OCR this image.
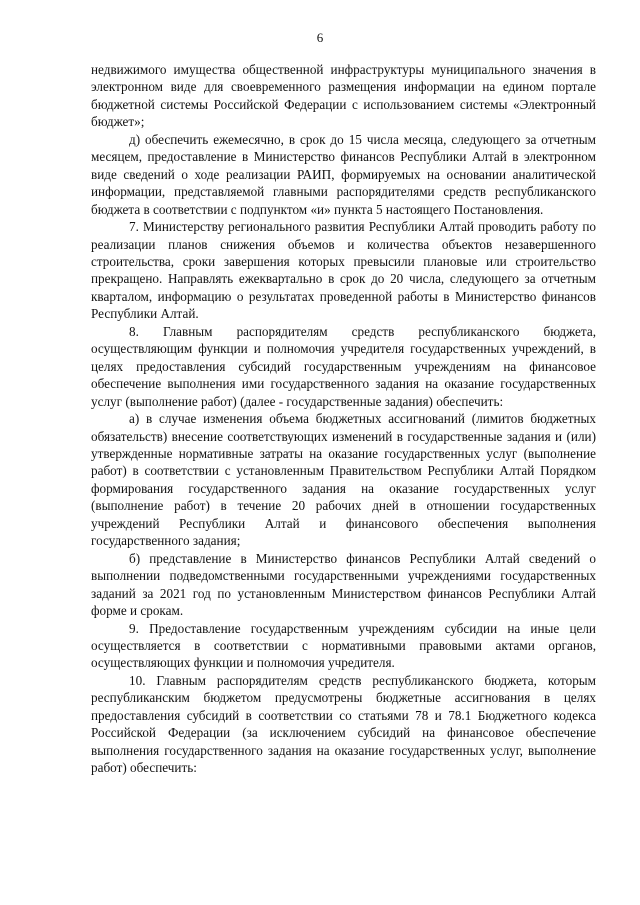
6

недвижимого имущества общественной инфраструктуры муниципального значения в электронном виде для своевременного размещения информации на едином портале бюджетной системы Российской Федерации с использованием системы «Электронный бюджет»;

д) обеспечить ежемесячно, в срок до 15 числа месяца, следующего за отчетным месяцем, предоставление в Министерство финансов Республики Алтай в электронном виде сведений о ходе реализации РАИП, формируемых на основании аналитической информации, представляемой главными распорядителями средств республиканского бюджета в соответствии с подпунктом «и» пункта 5 настоящего Постановления.

7. Министерству регионального развития Республики Алтай проводить работу по реализации планов снижения объемов и количества объектов незавершенного строительства, сроки завершения которых превысили плановые или строительство прекращено. Направлять ежеквартально в срок до 20 числа, следующего за отчетным кварталом, информацию о результатах проведенной работы в Министерство финансов Республики Алтай.

8. Главным распорядителям средств республиканского бюджета, осуществляющим функции и полномочия учредителя государственных учреждений, в целях предоставления субсидий государственным учреждениям на финансовое обеспечение выполнения ими государственного задания на оказание государственных услуг (выполнение работ) (далее - государственные задания) обеспечить:

а) в случае изменения объема бюджетных ассигнований (лимитов бюджетных обязательств) внесение соответствующих изменений в государственные задания и (или) утвержденные нормативные затраты на оказание государственных услуг (выполнение работ) в соответствии с установленным Правительством Республики Алтай Порядком формирования государственного задания на оказание государственных услуг (выполнение работ) в течение 20 рабочих дней в отношении государственных учреждений Республики Алтай и финансового обеспечения выполнения государственного задания;

б) представление в Министерство финансов Республики Алтай сведений о выполнении подведомственными государственными учреждениями государственных заданий за 2021 год по установленным Министерством финансов Республики Алтай форме и срокам.

9. Предоставление государственным учреждениям субсидии на иные цели осуществляется в соответствии с нормативными правовыми актами органов, осуществляющих функции и полномочия учредителя.

10. Главным распорядителям средств республиканского бюджета, которым республиканским бюджетом предусмотрены бюджетные ассигнования в целях предоставления субсидий в соответствии со статьями 78 и 78.1 Бюджетного кодекса Российской Федерации (за исключением субсидий на финансовое обеспечение выполнения государственного задания на оказание государственных услуг, выполнение работ) обеспечить:
